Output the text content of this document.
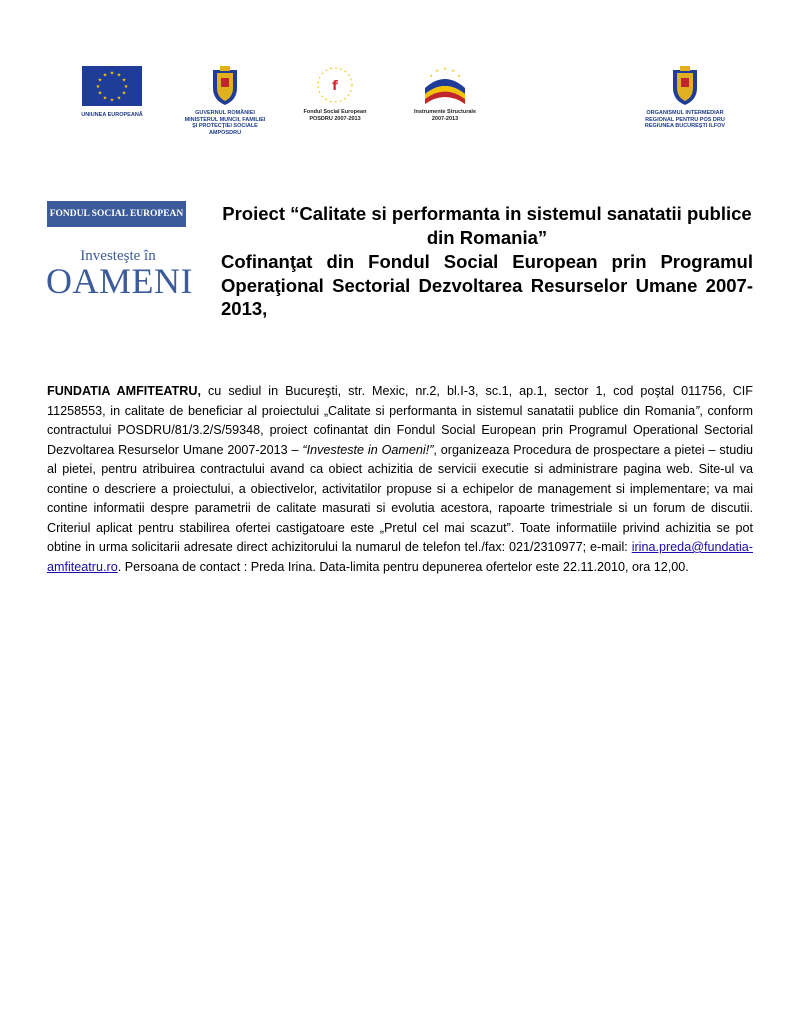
★ ★
★
★
★
★
★
★
★
★
★
★
UNIUNEA EUROPEANĂ	GUVERNUL ROMÂNIEI
MINISTERUL MUNCII, FAMILIEI
ŞI PROTECŢIEI SOCIALE
AMPOSDRU
f
Fondul Social European
POSDRU 2007-2013
★
★	★
★	★
Instrumente Structurale
2007-2013
ORGANISMUL INTERMEDIAR
REGIONAL PENTRU POS DRU
REGIUNEA BUCUREŞTI ILFOV
FONDUL SOCIAL EUROPEAN
Investeşte în
OAMENI
Proiect “Calitate si performanta in sistemul sanatatii publice din Romania”
Cofinanţat din Fondul Social European prin Programul Operaţional Sectorial Dezvoltarea Resurselor Umane 2007- 2013,
FUNDATIA AMFITEATRU, cu sediul in Bucureşti, str. Mexic, nr.2, bl.I-3, sc.1, ap.1, sector 1, cod poştal 011756, CIF 11258553, in calitate de beneficiar al proiectului „Calitate si performanta in sistemul sanatatii publice din Romania”, conform contractului POSDRU/81/3.2/S/59348, proiect cofinantat din Fondul Social European prin Programul Operational Sectorial Dezvoltarea Resurselor Umane 2007-2013 – “Investeste in Oameni!”, organizeaza Procedura de prospectare a pietei – studiu al pietei, pentru atribuirea contractului avand ca obiect achizitia de servicii executie si administrare pagina web. Site-ul va contine o descriere a proiectului, a obiectivelor, activitatilor propuse si a echipelor de management si implementare; va mai contine informatii despre parametrii de calitate masurati si evolutia acestora, rapoarte trimestriale si un forum de discutii. Criteriul aplicat pentru stabilirea ofertei castigatoare este „Pretul cel mai scazut”. Toate informatiile privind achizitia se pot obtine in urma solicitarii adresate direct achizitorului la numarul de telefon tel./fax: 021/2310977; e-mail: irina.preda@fundatia-amfiteatru.ro. Persoana de contact : Preda Irina. Data-limita pentru depunerea ofertelor este 22.11.2010, ora 12,00.
